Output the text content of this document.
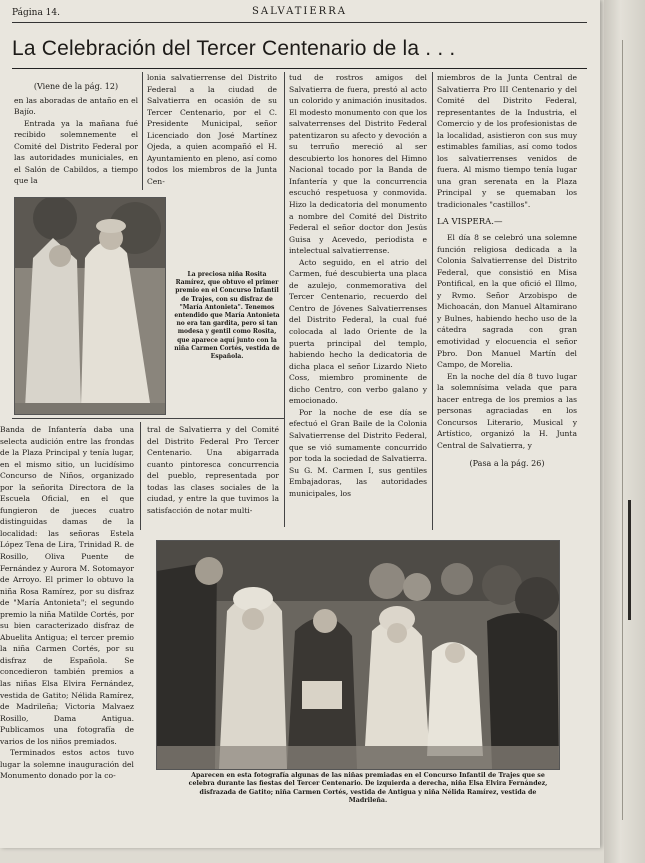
Página 14.	SALVATIERRA
La Celebración del Tercer Centenario de la . . .
(Viene de la pág. 12)

en las aboradas de antaño en el Bajío.

Entrada ya la mañana fué recibido solemnemente el Comité del Distrito Federal por las autoridades municiales, en el Salón de Cabildos, a tiempo que la

La preciosa niña Rosita Ramírez, que obtuvo el primer premio en el Concurso Infantil de Trajes, con su disfraz de "María Antonieta". Tenemos entendido que María Antonieta no era tan gardita, pero si tan modesa y gentil como Rosita, que aparece aquí junto con la niña Carmen Cortés, vestida de Española.

lonia salvatierrense del Distrito Federal a la ciudad de Salvatierra en ocasión de su Tercer Centenario, por el C. Presidente Municipal, señor Licenciado don José Martínez Ojeda, a quien acompañó el H. Ayuntamiento en pleno, así como todos los miembros de la Junta Cen-

tud de rostros amigos del Salvatierra de fuera, prestó al acto un colorido y animación inusitados. El modesto monumento con que los salvaterrenses del Distrito Federal patentizaron su afecto y devoción a su terruño mereció al ser descubierto los honores del Himno Nacional tocado por la Banda de Infantería y que la concurrencia escuchó respetuosa y conmovida. Hizo la dedicatoria del monumento a nombre del Comité del Distrito Federal el señor doctor don Jesús Guisa y Acevedo, periodista e intelectual salvatierrense.

Acto seguido, en el atrio del Carmen, fué descubierta una placa de azulejo, conmemorativa del Tercer Centenario, recuerdo del Centro de Jóvenes Salvatierrenses del Distrito Federal, la cual fué colocada al lado Oriente de la puerta principal del templo, habiendo hecho la dedicatoria de dicha placa el señor Lizardo Nieto Coss, miembro prominente de dicho Centro, con verbo galano y emocionado.

Por la noche de ese día se efectuó el Gran Baile de la Colonia Salvatierrense del Distrito Federal, que se vió sumamente concurrido por toda la sociedad de Salvatierra. Su G. M. Carmen I, sus gentiles Embajadoras, las autoridades municipales, los

miembros de la Junta Central de Salvatierra Pro III Centenario y del Comité del Distrito Federal, representantes de la Industria, el Comercio y de los profesionistas de la localidad, asistieron con sus muy estimables familias, así como todos los salvatierrenses venidos de fuera. Al mismo tiempo tenía lugar una gran serenata en la Plaza Principal y se quemaban los tradicionales "castillos".

LA VISPERA.—

El día 8 se celebró una solemne función religiosa dedicada a la Colonia Salvatierrense del Distrito Federal, que consistió en Misa Pontifical, en la que ofició el Illmo, y Rvmo. Señor Arzobispo de Michoacán, don Manuel Altamirano y Bulnes, habiendo hecho uso de la cátedra sagrada con gran emotividad y elocuencia el señor Pbro. Don Manuel Martín del Campo, de Morelia.

En la noche del día 8 tuvo lugar la solemnísima velada que para hacer entrega de los premios a las personas agraciadas en los Concursos Literario, Musical y Artístico, organizó la H. Junta Central de Salvatierra, y

(Pasa a la pág. 26)

Banda de Infantería daba una selecta audición entre las frondas de la Plaza Principal y tenía lugar, en el mismo sitio, un lucidísimo Concurso de Niños, organizado por la señorita Directora de la Escuela Oficial, en el que fungieron de jueces cuatro distinguidas damas de la localidad: las señoras Estela López Tena de Lira, Trinidad R. de Rosillo, Oliva Puente de Fernández y Aurora M. Sotomayor de Arroyo. El primer lo obtuvo la niña Rosa Ramírez, por su disfraz de "María Antonieta"; el segundo premio la niña Matilde Cortés, por su bien caracterizado disfraz de Abuelita Antigua; el tercer premio la niña Carmen Cortés, por su disfraz de Española. Se concedieron también premios a las niñas Elsa Elvira Fernández, vestida de Gatito; Nélida Ramírez, de Madrileña; Victoria Malvaez Rosillo, Dama Antigua. Publicamos una fotografía de varios de los niños premiados.

Terminados estos actos tuvo lugar la solemne inauguración del Monumento donado por la co-

tral de Salvatierra y del Comité del Distrito Federal Pro Tercer Centenario. Una abigarrada cuanto pintoresca concurrencia del pueblo, representada por todas las clases sociales de la ciudad, y entre la que tuvimos la satisfacción de notar multi-

Aparecen en esta fotografía algunas de las niñas premiadas en el Concurso Infantil de Trajes que se celebra durante las fiestas del Tercer Centenario. De izquierda a derecha, niña Elsa Elvira Fernández, disfrazada de Gatito; niña Carmen Cortés, vestida de Antigua y niña Nélida Ramírez, vestida de Madrileña.
